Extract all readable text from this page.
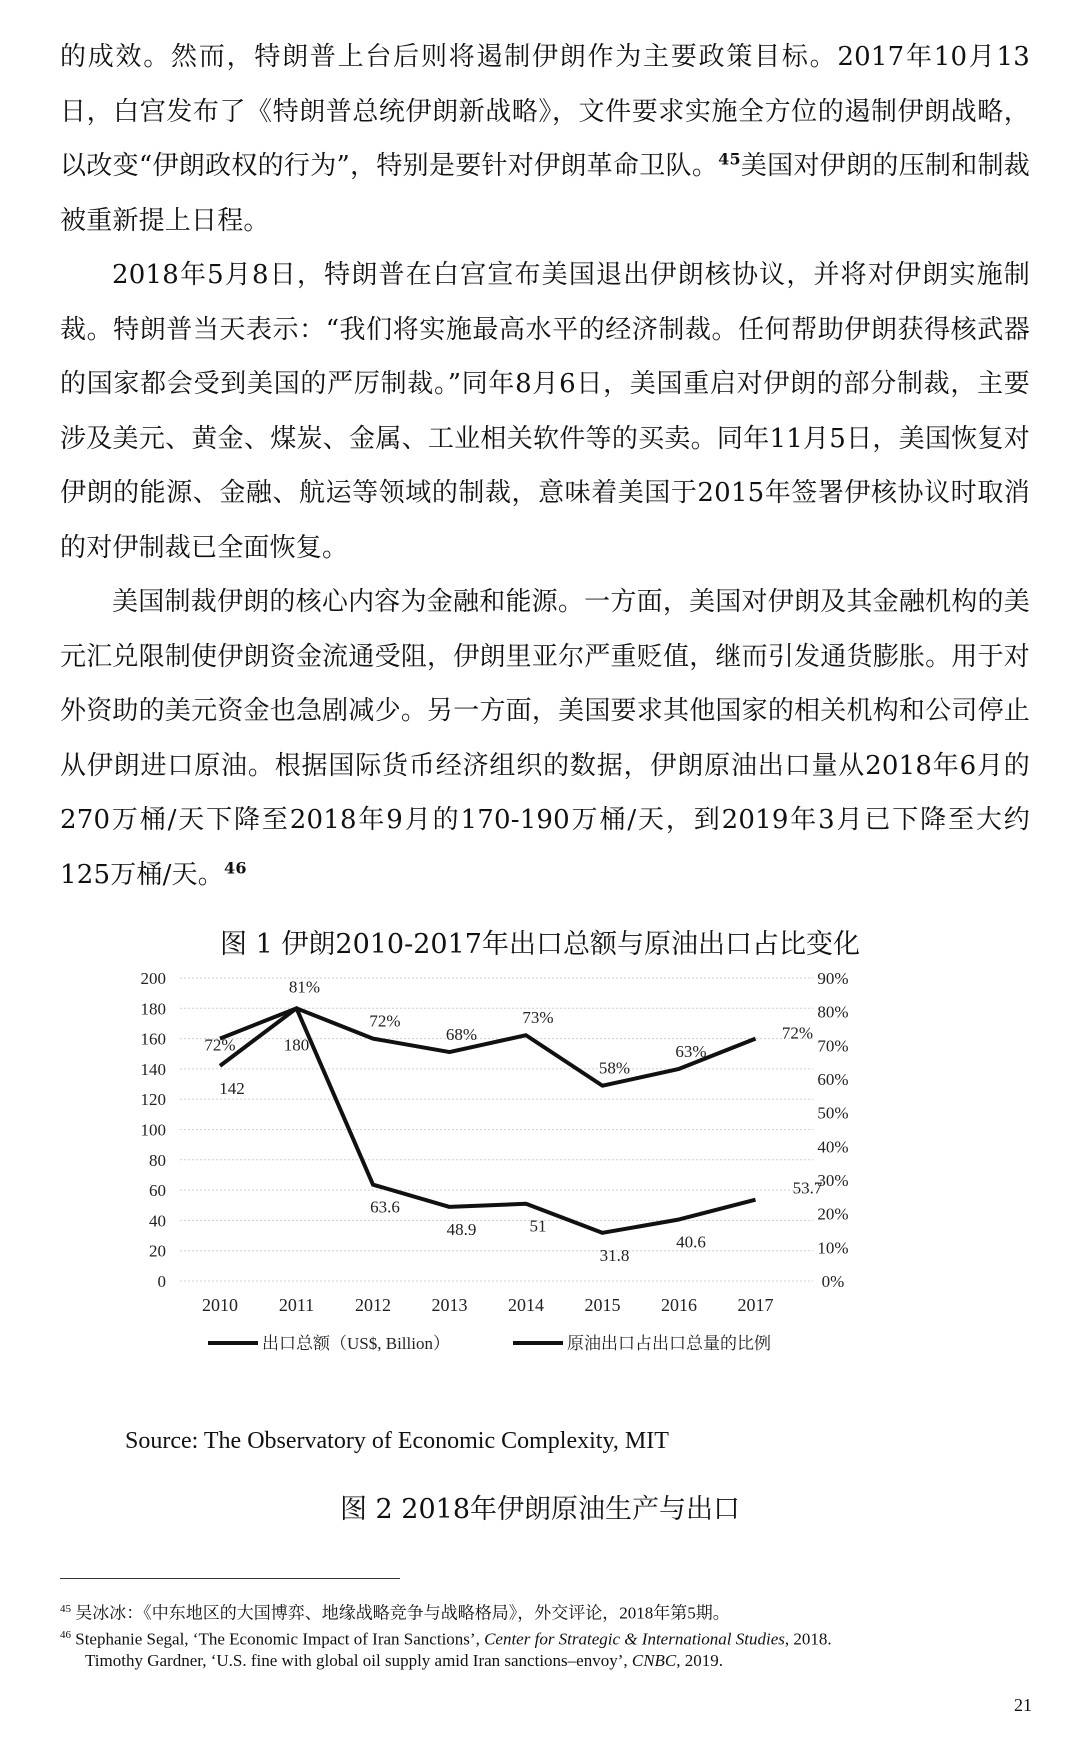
的成效。然而，特朗普上台后则将遏制伊朗作为主要政策目标。2017年10月13日，白宫发布了《特朗普总统伊朗新战略》，文件要求实施全方位的遏制伊朗战略，以改变“伊朗政权的行为”，特别是要针对伊朗革命卫队。$^{45}$美国对伊朗的压制和制裁被重新提上日程。

2018年5月8日，特朗普在白宫宣布美国退出伊朗核协议，并将对伊朗实施制裁。特朗普当天表示：“我们将实施最高水平的经济制裁。任何帮助伊朗获得核武器的国家都会受到美国的严厉制裁。”同年8月6日，美国重启对伊朗的部分制裁，主要涉及美元、黄金、煤炭、金属、工业相关软件等的买卖。同年11月5日，美国恢复对伊朗的能源、金融、航运等领域的制裁，意味着美国于2015年签署伊核协议时取消的对伊制裁已全面恢复。

美国制裁伊朗的核心内容为金融和能源。一方面，美国对伊朗及其金融机构的美元汇兑限制使伊朗资金流通受阻，伊朗里亚尔严重贬值，继而引发通货膨胀。用于对外资助的美元资金也急剧减少。另一方面，美国要求其他国家的相关机构和公司停止从伊朗进口原油。根据国际货币经济组织的数据，伊朗原油出口量从2018年6月的270万桶/天下降至2018年9月的170-190万桶/天，到2019年3月已下降至大约125万桶/天。$^{46}$

图 1 伊朗2010-2017年出口总额与原油出口占比变化

0
20
40
60
80
100
120
140
160
180
200
0%
10%
20%
30%
40%
50%
60%
70%
80%
90%
2010 2011 2012 2013 2014 2015 2016 2017
142
180
63.6
48.9	51
31.8
40.6
53.7
72%
81%
72%
68%
73%
58%
63%
72%
出口总额（US$, Billion）	原油出口占出口总量的比例

Source: The Observatory of Economic Complexity, MIT

图 2 2018年伊朗原油生产与出口

$^{45}$ 吴冰冰：《中东地区的大国博弈、地缘战略竞争与战略格局》，外交评论，2018年第5期。

$^{46}$ Stephanie Segal, ‘The Economic Impact of Iran Sanctions’, Center for Strategic & International Studies, 2018.

Timothy Gardner, ‘U.S. fine with global oil supply amid Iran sanctions–envoy’, CNBC, 2019.

21
